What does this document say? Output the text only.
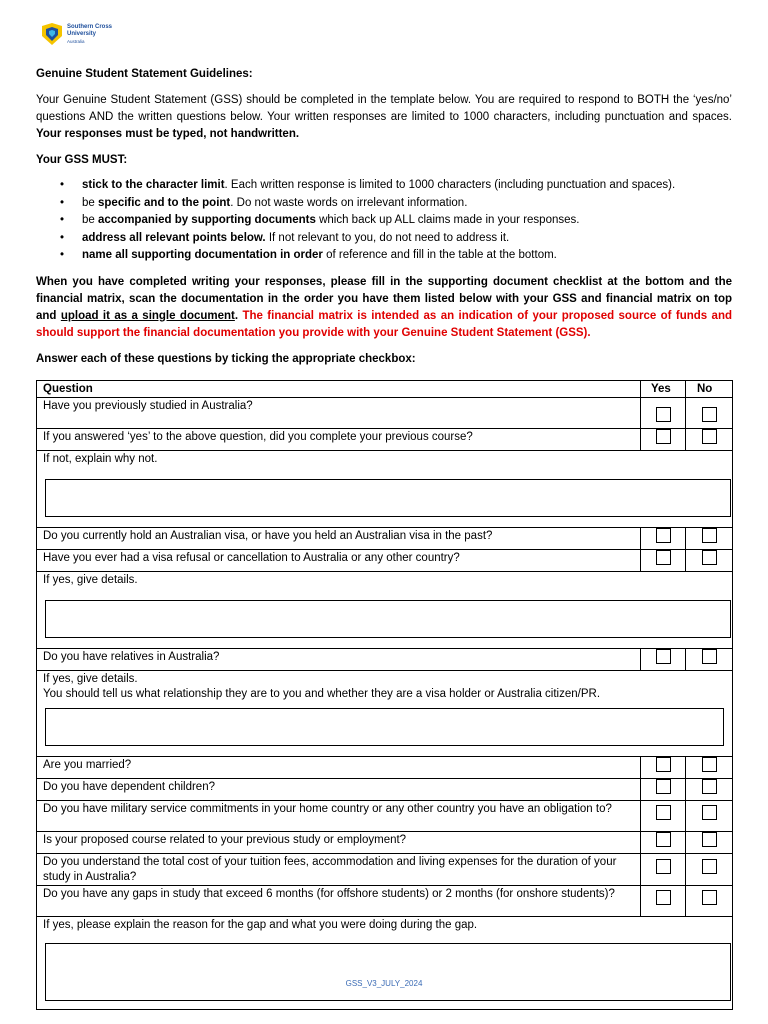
Southern Cross
University
Australia
Genuine Student Statement Guidelines:
Your Genuine Student Statement (GSS) should be completed in the template below. You are required to respond to BOTH the ‘yes/no’ questions AND the written questions below. Your written responses are limited to 1000 characters, including punctuation and spaces. Your responses must be typed, not handwritten.
Your GSS MUST:
• stick to the character limit. Each written response is limited to 1000 characters (including punctuation and spaces).
• be specific and to the point. Do not waste words on irrelevant information.
• be accompanied by supporting documents which back up ALL claims made in your responses.
• address all relevant points below. If not relevant to you, do not need to address it.
• name all supporting documentation in order of reference and fill in the table at the bottom.
When you have completed writing your responses, please fill in the supporting document checklist at the bottom and the financial matrix, scan the documentation in the order you have them listed below with your GSS and financial matrix on top and upload it as a single document. The financial matrix is intended as an indication of your proposed source of funds and should support the financial documentation you provide with your Genuine Student Statement (GSS).
Answer each of these questions by ticking the appropriate checkbox:
Question	Yes	No
Have you previously studied in Australia?		
If you answered ‘yes’ to the above question, did you complete your previous course?		

If not, explain why not.		

Do you currently hold an Australian visa, or have you held an Australian visa in the past?		
Have you ever had a visa refusal or cancellation to Australia or any other country?		

If yes, give details.		

Do you have relatives in Australia?		

If yes, give details.
You should tell us what relationship they are to you and whether they are a visa holder or Australia citizen/PR.		

Are you married?		
Do you have dependent children?		
Do you have military service commitments in your home country or any other country you have an obligation to?		
Is your proposed course related to your previous study or employment?		
Do you understand the total cost of your tuition fees, accommodation and living expenses for the duration of your study in Australia?		
Do you have any gaps in study that exceed 6 months (for offshore students) or 2 months (for onshore students)?		

If yes, please explain the reason for the gap and what you were doing during the gap.		
GSS_V3_JULY_2024
